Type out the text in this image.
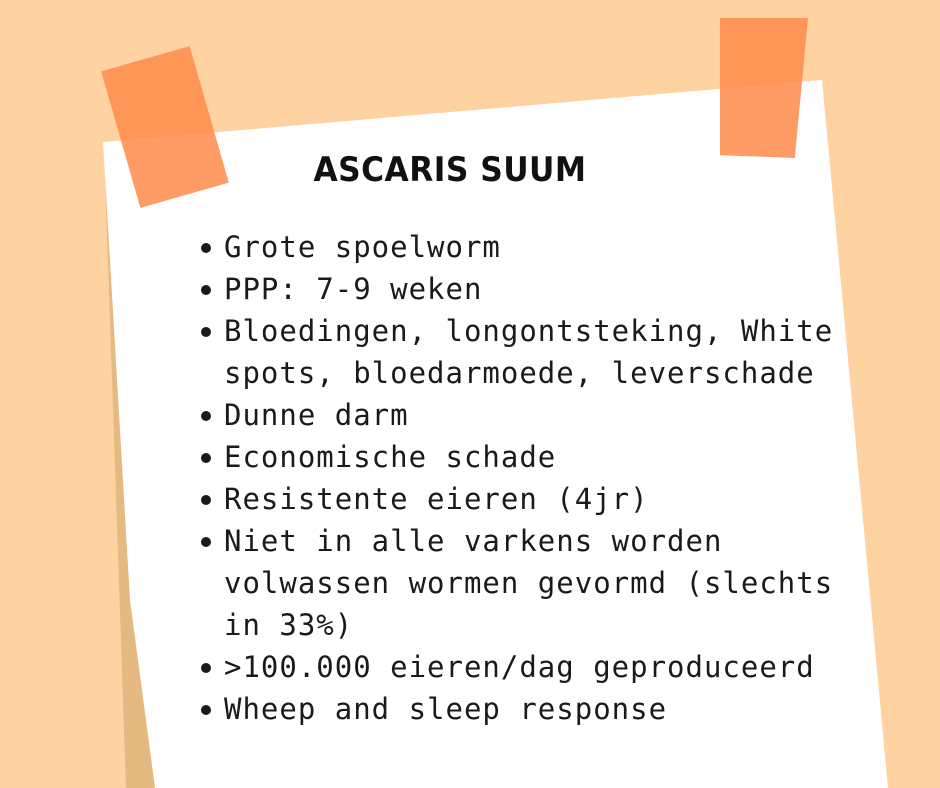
ASCARIS SUUM
Grote spoelworm
PPP: 7-9 weken
Bloedingen, longontsteking, White spots, bloedarmoede, leverschade
Dunne darm
Economische schade
Resistente eieren (4jr)
Niet in alle varkens worden volwassen wormen gevormd (slechts in 33%)
>100.000 eieren/dag geproduceerd
Wheep and sleep response
